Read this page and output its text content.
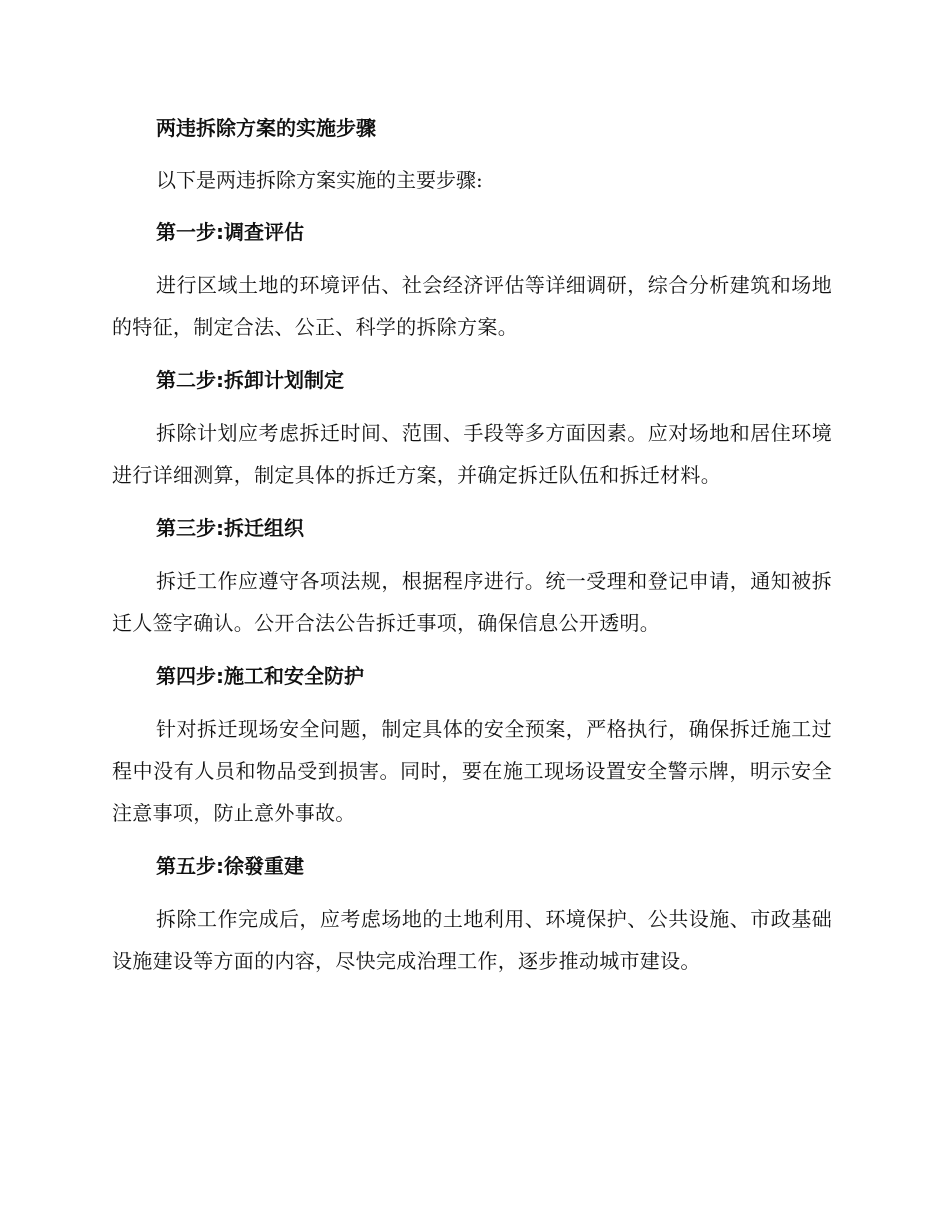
两违拆除方案的实施步骤

以下是两违拆除方案实施的主要步骤:

第一步:调查评估

进行区域土地的环境评估、社会经济评估等详细调研，综合分析建筑和场地的特征，制定合法、公正、科学的拆除方案。

第二步:拆卸计划制定

拆除计划应考虑拆迁时间、范围、手段等多方面因素。应对场地和居住环境进行详细测算，制定具体的拆迁方案，并确定拆迁队伍和拆迁材料。

第三步:拆迁组织

拆迁工作应遵守各项法规，根据程序进行。统一受理和登记申请，通知被拆迁人签字确认。公开合法公告拆迁事项，确保信息公开透明。

第四步:施工和安全防护

针对拆迁现场安全问题，制定具体的安全预案，严格执行，确保拆迁施工过程中没有人员和物品受到损害。同时，要在施工现场设置安全警示牌，明示安全注意事项，防止意外事故。

第五步:徐發重建

拆除工作完成后，应考虑场地的土地利用、环境保护、公共设施、市政基础设施建设等方面的内容，尽快完成治理工作，逐步推动城市建设。
